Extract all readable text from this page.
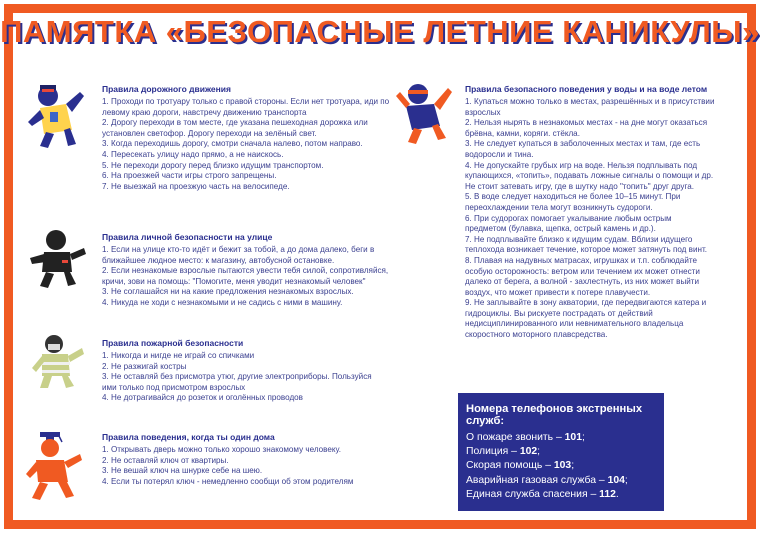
ПАМЯТКА «БЕЗОПАСНЫЕ ЛЕТНИЕ КАНИКУЛЫ»

Правила дорожного движения

1. Проходи по тротуару только с правой стороны. Если нет тротуара, иди по

левому краю дороги, навстречу движению транспорта

2. Дорогу переходи в том месте, где указана пешеходная дорожка или

установлен светофор. Дорогу переходи на зелёный свет.

3. Когда переходишь дорогу, смотри сначала налево, потом направо.

4. Пересекать улицу надо прямо, а не наискось.

5. Не переходи дорогу перед близко идущим транспортом.

6. На проезжей части игры строго запрещены.

7. Не выезжай на проезжую часть на велосипеде.

Правила личной безопасности на улице

1. Если на улице кто-то идёт и бежит за тобой, а до дома далеко, беги в

ближайшее людное место: к магазину, автобусной остановке.

2. Если незнакомые взрослые пытаются увести тебя силой, сопротивляйся,

кричи, зови на помощь: "Помогите, меня уводит незнакомый человек"

3. Не соглашайся ни на какие предложения незнакомых взрослых.

4. Никуда не ходи с незнакомыми и не садись с ними в машину.

Правила пожарной безопасности

1. Никогда и нигде не играй со спичками

2. Не разжигай костры

3. Не оставляй без присмотра утюг, другие электроприборы. Пользуйся

ими только под присмотром взрослых

4. Не дотрагивайся до розеток и оголённых проводов

Правила поведения, когда ты один дома

1. Открывать дверь можно только хорошо знакомому человеку.

2. Не оставляй ключ от квартиры.

3. Не вешай ключ на шнурке себе на шею.

4. Если ты потерял ключ - немедленно сообщи об этом родителям

Правила безопасного поведения у воды и на воде летом

1. Купаться можно только в местах, разрешённых и в присутствии

взрослых

2. Нельзя нырять в незнакомых местах - на дне могут оказаться

брёвна, камни, коряги. стёкла.

3. Не следует купаться в заболоченных местах и там, где есть

водоросли и тина.

4. Не допускайте грубых игр на воде. Нельзя подплывать под

купающихся, «топить», подавать ложные сигналы о помощи и др.

Не стоит затевать игру, где в шутку надо "топить" друг друга.

5. В воде следует находиться не более 10–15 минут. При

переохлаждении тела могут возникнуть судороги.

6. При судорогах помогает укалывание любым острым

предметом (булавка, щепка, острый камень и др.).

7. Не подплывайте близко к идущим судам. Вблизи идущего

теплохода возникает течение, которое может затянуть под винт.

8. Плавая на надувных матрасах, игрушках и т.п. соблюдайте

особую осторожность: ветром или течением их может отнести

далеко от берега, а волной - захлестнуть, из них может выйти

воздух, что может привести к потере плавучести.

9. Не заплывайте в зону акватории, где передвигаются катера и

гидроциклы. Вы рискуете пострадать от действий

недисциплинированного или невнимательного владельца

скоростного моторного плавсредства.

Номера телефонов экстренных служб:
О пожаре звонить – 101;
Полиция – 102;
Скорая помощь – 103;
Аварийная газовая служба – 104;
Единая служба спасения – 112.
